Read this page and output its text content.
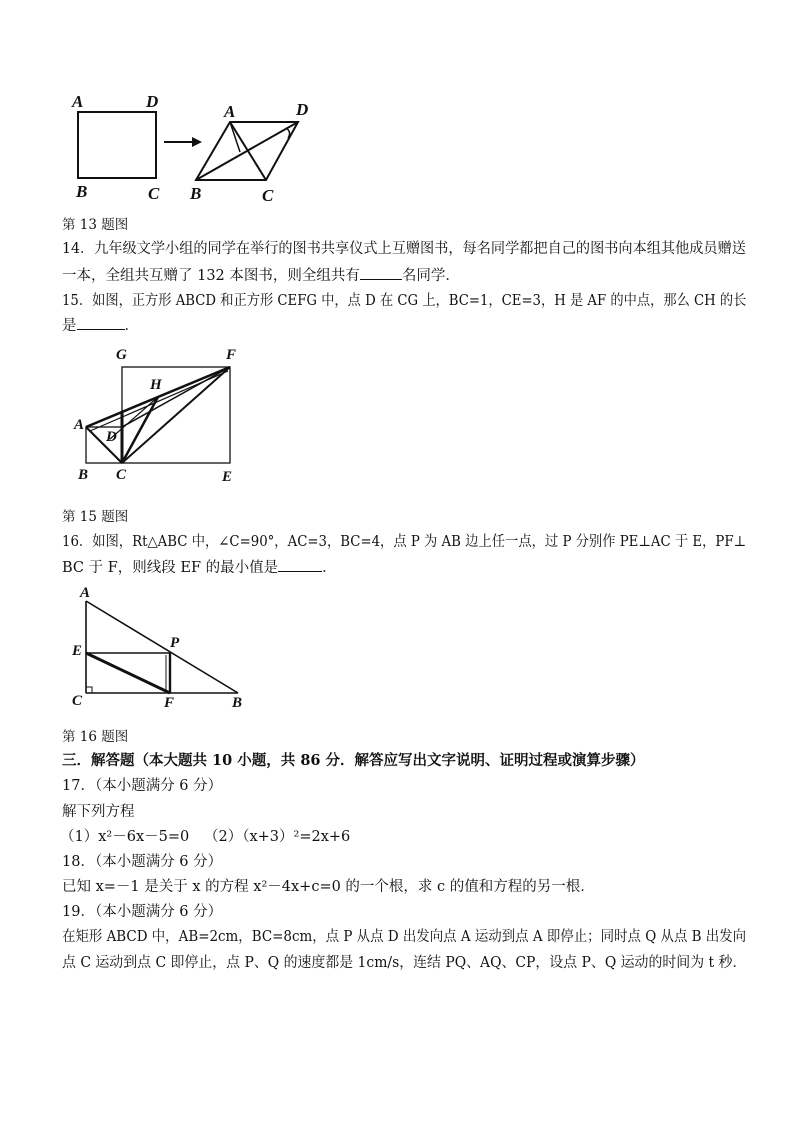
A	D
B	C
A	D
B	C
第 13 题图
14．九年级文学小组的同学在举行的图书共享仪式上互赠图书，每名同学都把自己的图书向本组其他成员赠送
一本，全组共互赠了 132 本图书，则全组共有	名同学．
15．如图，正方形 ABCD 和正方形 CEFG 中，点 D 在 CG 上，BC=1，CE=3，H 是 AF 的中点，那么 CH 的长
是	．
G	F
H
A
D
B C	E
第 15 题图
16．如图，Rt△ABC 中，∠C=90°，AC=3，BC=4，点 P 为 AB 边上任一点，过 P 分别作 PE⊥AC 于 E，PF⊥
BC 于 F，则线段 EF 的最小值是	．
A
E	P
C	F	B
第 16 题图
三．解答题（本大题共 10 小题，共 86 分．解答应写出文字说明、证明过程或演算步骤）
17．（本小题满分 6 分）
解下列方程
（1）x²－6x－5=0 （2）（x+3）²=2x+6
18．（本小题满分 6 分）
已知 x=－1 是关于 x 的方程 x²－4x+c=0 的一个根，求 c 的值和方程的另一根．
19．（本小题满分 6 分）
在矩形 ABCD 中，AB=2cm，BC=8cm，点 P 从点 D 出发向点 A 运动到点 A 即停止；同时点 Q 从点 B 出发向
点 C 运动到点 C 即停止，点 P、Q 的速度都是 1cm/s，连结 PQ、AQ、CP，设点 P、Q 运动的时间为 t 秒．
